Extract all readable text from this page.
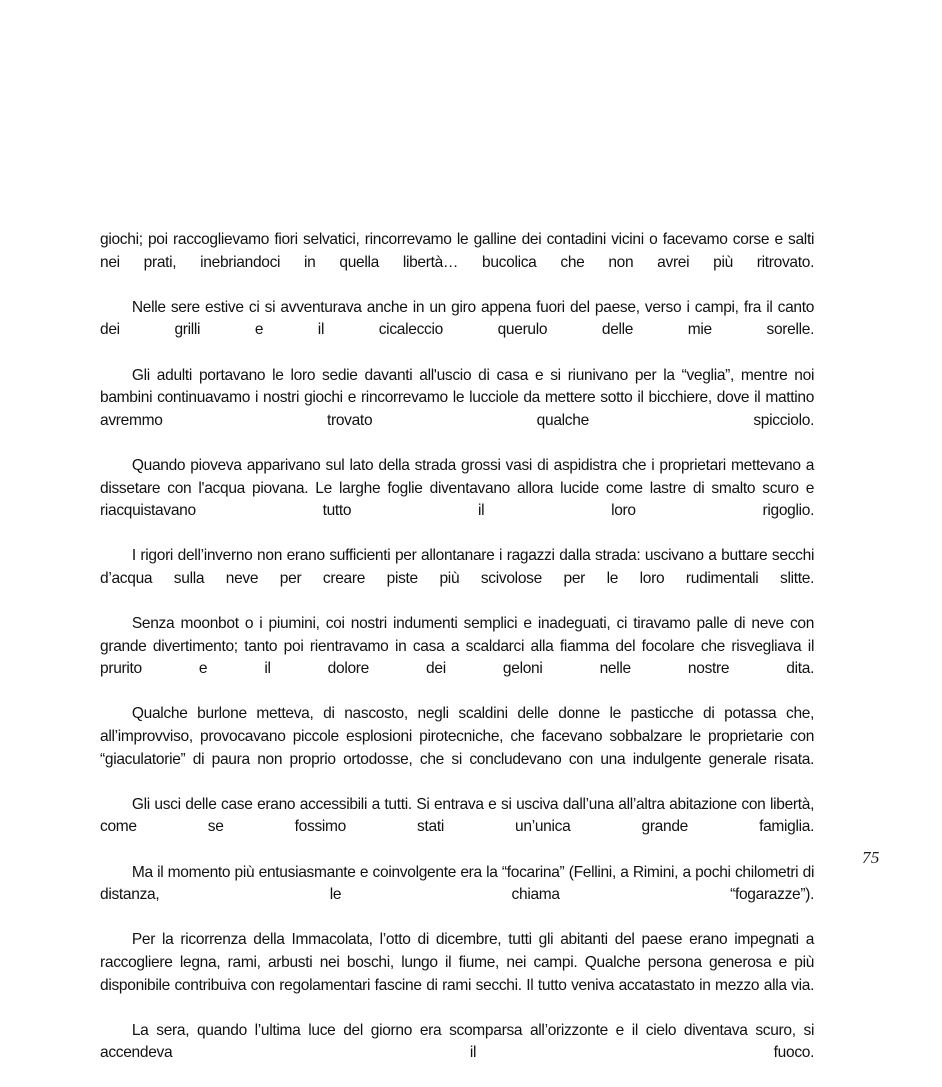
giochi; poi raccoglievamo fiori selvatici, rincorrevamo le galline dei contadini vicini o facevamo corse e salti nei prati, inebriandoci in quella libertà… bucolica che non avrei più ritrovato.

Nelle sere estive ci si avventurava anche in un giro appena fuori del paese, verso i campi, fra il canto dei grilli e il cicaleccio querulo delle mie sorelle.

Gli adulti portavano le loro sedie davanti all'uscio di casa e si riunivano per la “veglia”, mentre noi bambini continuavamo i nostri giochi e rincorrevamo le lucciole da mettere sotto il bicchiere, dove il mattino avremmo trovato qualche spicciolo.

Quando pioveva apparivano sul lato della strada grossi vasi di aspidistra che i proprietari mettevano a dissetare con l'acqua piovana. Le larghe foglie diventavano allora lucide come lastre di smalto scuro e riacquistavano tutto il loro rigoglio.

I rigori dell’inverno non erano sufficienti per allontanare i ragazzi dalla strada: uscivano a buttare secchi d’acqua sulla neve per creare piste più scivolose per le loro rudimentali slitte.

Senza moonbot o i piumini, coi nostri indumenti semplici e inadeguati, ci tiravamo palle di neve con grande divertimento; tanto poi rientravamo in casa a scaldarci alla fiamma del focolare che risvegliava il prurito e il dolore dei geloni nelle nostre dita.

Qualche burlone metteva, di nascosto, negli scaldini delle donne le pasticche di potassa che, all’improvviso, provocavano piccole esplosioni pirotecniche, che facevano sobbalzare le proprietarie con “giaculatorie” di paura non proprio ortodosse, che si concludevano con una indulgente generale risata.

Gli usci delle case erano accessibili a tutti. Si entrava e si usciva dall’una all’altra abitazione con libertà, come se fossimo stati un’unica grande famiglia.

Ma il momento più entusiasmante e coinvolgente era la “focarina” (Fellini, a Rimini, a pochi chilometri di distanza, le chiama “fogarazze”).

Per la ricorrenza della Immacolata, l’otto di dicembre, tutti gli abitanti del paese erano impegnati a raccogliere legna, rami, arbusti nei boschi, lungo il fiume, nei campi. Qualche persona generosa e più disponibile contribuiva con regolamentari fascine di rami secchi. Il tutto veniva accatastato in mezzo alla via.

La sera, quando l’ultima luce del giorno era scomparsa all’orizzonte e il cielo diventava scuro, si accendeva il fuoco.

75
